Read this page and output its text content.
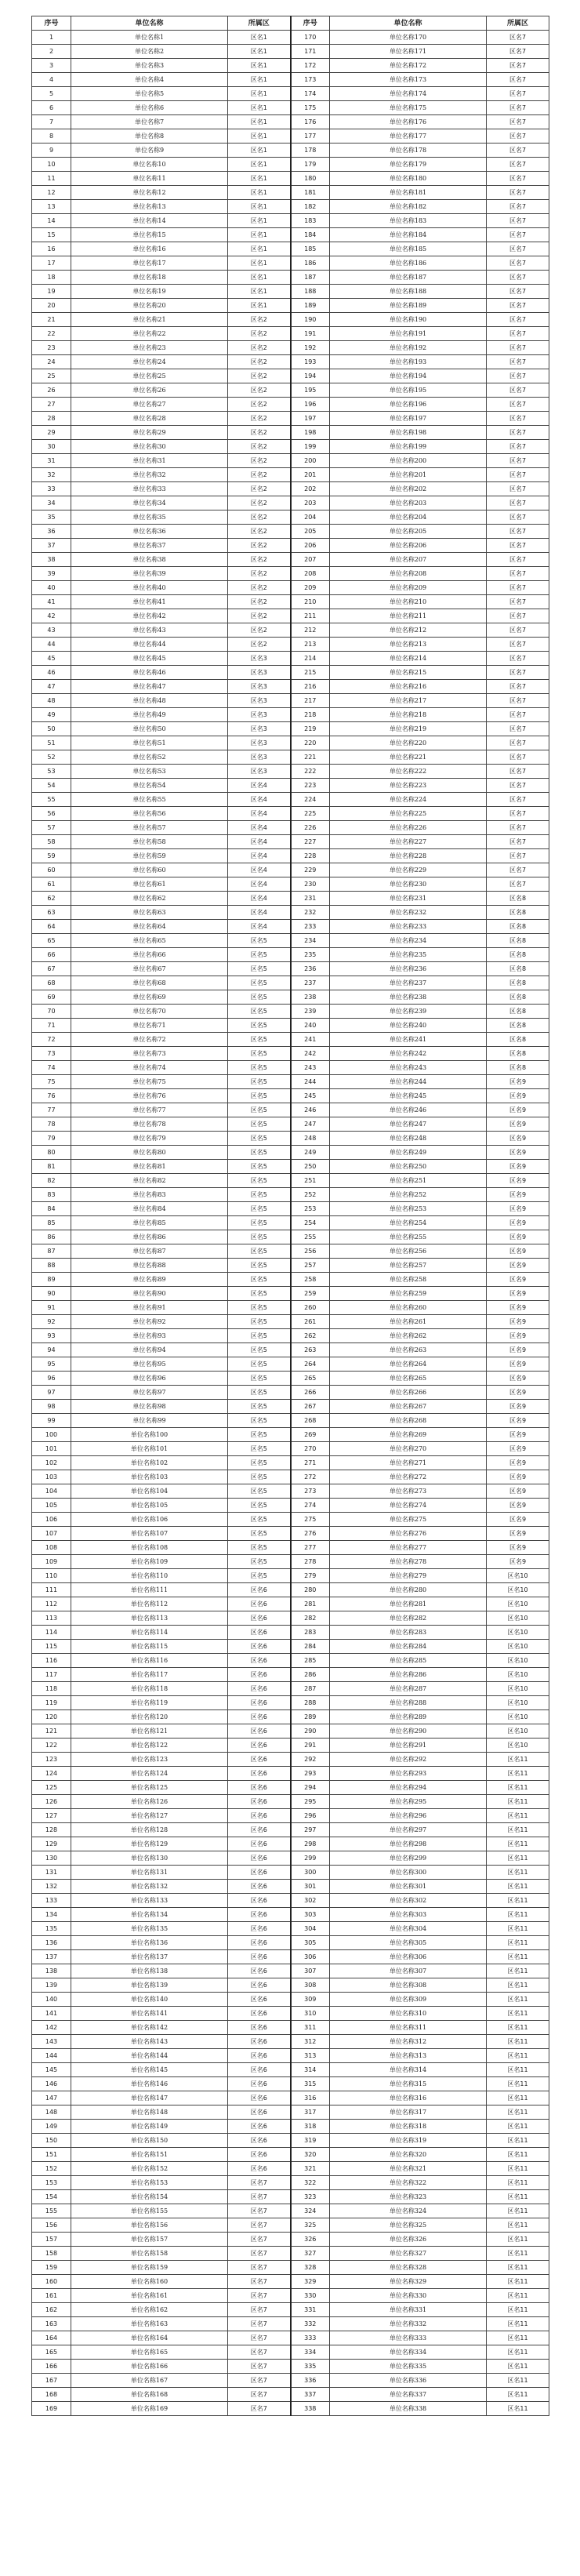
序号	单位名称	所属区	序号	单位名称	所属区
1	单位名称1	区名1	170	单位名称170	区名7
2	单位名称2	区名1	171	单位名称171	区名7
3	单位名称3	区名1	172	单位名称172	区名7
4	单位名称4	区名1	173	单位名称173	区名7
5	单位名称5	区名1	174	单位名称174	区名7
6	单位名称6	区名1	175	单位名称175	区名7
7	单位名称7	区名1	176	单位名称176	区名7
8	单位名称8	区名1	177	单位名称177	区名7
9	单位名称9	区名1	178	单位名称178	区名7
10	单位名称10	区名1	179	单位名称179	区名7
11	单位名称11	区名1	180	单位名称180	区名7
12	单位名称12	区名1	181	单位名称181	区名7
13	单位名称13	区名1	182	单位名称182	区名7
14	单位名称14	区名1	183	单位名称183	区名7
15	单位名称15	区名1	184	单位名称184	区名7
16	单位名称16	区名1	185	单位名称185	区名7
17	单位名称17	区名1	186	单位名称186	区名7
18	单位名称18	区名1	187	单位名称187	区名7
19	单位名称19	区名1	188	单位名称188	区名7
20	单位名称20	区名1	189	单位名称189	区名7
21	单位名称21	区名2	190	单位名称190	区名7
22	单位名称22	区名2	191	单位名称191	区名7
23	单位名称23	区名2	192	单位名称192	区名7
24	单位名称24	区名2	193	单位名称193	区名7
25	单位名称25	区名2	194	单位名称194	区名7
26	单位名称26	区名2	195	单位名称195	区名7
27	单位名称27	区名2	196	单位名称196	区名7
28	单位名称28	区名2	197	单位名称197	区名7
29	单位名称29	区名2	198	单位名称198	区名7
30	单位名称30	区名2	199	单位名称199	区名7
31	单位名称31	区名2	200	单位名称200	区名7
32	单位名称32	区名2	201	单位名称201	区名7
33	单位名称33	区名2	202	单位名称202	区名7
34	单位名称34	区名2	203	单位名称203	区名7
35	单位名称35	区名2	204	单位名称204	区名7
36	单位名称36	区名2	205	单位名称205	区名7
37	单位名称37	区名2	206	单位名称206	区名7
38	单位名称38	区名2	207	单位名称207	区名7
39	单位名称39	区名2	208	单位名称208	区名7
40	单位名称40	区名2	209	单位名称209	区名7
41	单位名称41	区名2	210	单位名称210	区名7
42	单位名称42	区名2	211	单位名称211	区名7
43	单位名称43	区名2	212	单位名称212	区名7
44	单位名称44	区名2	213	单位名称213	区名7
45	单位名称45	区名3	214	单位名称214	区名7
46	单位名称46	区名3	215	单位名称215	区名7
47	单位名称47	区名3	216	单位名称216	区名7
48	单位名称48	区名3	217	单位名称217	区名7
49	单位名称49	区名3	218	单位名称218	区名7
50	单位名称50	区名3	219	单位名称219	区名7
51	单位名称51	区名3	220	单位名称220	区名7
52	单位名称52	区名3	221	单位名称221	区名7
53	单位名称53	区名3	222	单位名称222	区名7
54	单位名称54	区名4	223	单位名称223	区名7
55	单位名称55	区名4	224	单位名称224	区名7
56	单位名称56	区名4	225	单位名称225	区名7
57	单位名称57	区名4	226	单位名称226	区名7
58	单位名称58	区名4	227	单位名称227	区名7
59	单位名称59	区名4	228	单位名称228	区名7
60	单位名称60	区名4	229	单位名称229	区名7
61	单位名称61	区名4	230	单位名称230	区名7
62	单位名称62	区名4	231	单位名称231	区名8
63	单位名称63	区名4	232	单位名称232	区名8
64	单位名称64	区名4	233	单位名称233	区名8
65	单位名称65	区名5	234	单位名称234	区名8
66	单位名称66	区名5	235	单位名称235	区名8
67	单位名称67	区名5	236	单位名称236	区名8
68	单位名称68	区名5	237	单位名称237	区名8
69	单位名称69	区名5	238	单位名称238	区名8
70	单位名称70	区名5	239	单位名称239	区名8
71	单位名称71	区名5	240	单位名称240	区名8
72	单位名称72	区名5	241	单位名称241	区名8
73	单位名称73	区名5	242	单位名称242	区名8
74	单位名称74	区名5	243	单位名称243	区名8
75	单位名称75	区名5	244	单位名称244	区名9
76	单位名称76	区名5	245	单位名称245	区名9
77	单位名称77	区名5	246	单位名称246	区名9
78	单位名称78	区名5	247	单位名称247	区名9
79	单位名称79	区名5	248	单位名称248	区名9
80	单位名称80	区名5	249	单位名称249	区名9
81	单位名称81	区名5	250	单位名称250	区名9
82	单位名称82	区名5	251	单位名称251	区名9
83	单位名称83	区名5	252	单位名称252	区名9
84	单位名称84	区名5	253	单位名称253	区名9
85	单位名称85	区名5	254	单位名称254	区名9
86	单位名称86	区名5	255	单位名称255	区名9
87	单位名称87	区名5	256	单位名称256	区名9
88	单位名称88	区名5	257	单位名称257	区名9
89	单位名称89	区名5	258	单位名称258	区名9
90	单位名称90	区名5	259	单位名称259	区名9
91	单位名称91	区名5	260	单位名称260	区名9
92	单位名称92	区名5	261	单位名称261	区名9
93	单位名称93	区名5	262	单位名称262	区名9
94	单位名称94	区名5	263	单位名称263	区名9
95	单位名称95	区名5	264	单位名称264	区名9
96	单位名称96	区名5	265	单位名称265	区名9
97	单位名称97	区名5	266	单位名称266	区名9
98	单位名称98	区名5	267	单位名称267	区名9
99	单位名称99	区名5	268	单位名称268	区名9
100	单位名称100	区名5	269	单位名称269	区名9
101	单位名称101	区名5	270	单位名称270	区名9
102	单位名称102	区名5	271	单位名称271	区名9
103	单位名称103	区名5	272	单位名称272	区名9
104	单位名称104	区名5	273	单位名称273	区名9
105	单位名称105	区名5	274	单位名称274	区名9
106	单位名称106	区名5	275	单位名称275	区名9
107	单位名称107	区名5	276	单位名称276	区名9
108	单位名称108	区名5	277	单位名称277	区名9
109	单位名称109	区名5	278	单位名称278	区名9
110	单位名称110	区名5	279	单位名称279	区名10
111	单位名称111	区名6	280	单位名称280	区名10
112	单位名称112	区名6	281	单位名称281	区名10
113	单位名称113	区名6	282	单位名称282	区名10
114	单位名称114	区名6	283	单位名称283	区名10
115	单位名称115	区名6	284	单位名称284	区名10
116	单位名称116	区名6	285	单位名称285	区名10
117	单位名称117	区名6	286	单位名称286	区名10
118	单位名称118	区名6	287	单位名称287	区名10
119	单位名称119	区名6	288	单位名称288	区名10
120	单位名称120	区名6	289	单位名称289	区名10
121	单位名称121	区名6	290	单位名称290	区名10
122	单位名称122	区名6	291	单位名称291	区名10
123	单位名称123	区名6	292	单位名称292	区名11
124	单位名称124	区名6	293	单位名称293	区名11
125	单位名称125	区名6	294	单位名称294	区名11
126	单位名称126	区名6	295	单位名称295	区名11
127	单位名称127	区名6	296	单位名称296	区名11
128	单位名称128	区名6	297	单位名称297	区名11
129	单位名称129	区名6	298	单位名称298	区名11
130	单位名称130	区名6	299	单位名称299	区名11
131	单位名称131	区名6	300	单位名称300	区名11
132	单位名称132	区名6	301	单位名称301	区名11
133	单位名称133	区名6	302	单位名称302	区名11
134	单位名称134	区名6	303	单位名称303	区名11
135	单位名称135	区名6	304	单位名称304	区名11
136	单位名称136	区名6	305	单位名称305	区名11
137	单位名称137	区名6	306	单位名称306	区名11
138	单位名称138	区名6	307	单位名称307	区名11
139	单位名称139	区名6	308	单位名称308	区名11
140	单位名称140	区名6	309	单位名称309	区名11
141	单位名称141	区名6	310	单位名称310	区名11
142	单位名称142	区名6	311	单位名称311	区名11
143	单位名称143	区名6	312	单位名称312	区名11
144	单位名称144	区名6	313	单位名称313	区名11
145	单位名称145	区名6	314	单位名称314	区名11
146	单位名称146	区名6	315	单位名称315	区名11
147	单位名称147	区名6	316	单位名称316	区名11
148	单位名称148	区名6	317	单位名称317	区名11
149	单位名称149	区名6	318	单位名称318	区名11
150	单位名称150	区名6	319	单位名称319	区名11
151	单位名称151	区名6	320	单位名称320	区名11
152	单位名称152	区名6	321	单位名称321	区名11
153	单位名称153	区名7	322	单位名称322	区名11
154	单位名称154	区名7	323	单位名称323	区名11
155	单位名称155	区名7	324	单位名称324	区名11
156	单位名称156	区名7	325	单位名称325	区名11
157	单位名称157	区名7	326	单位名称326	区名11
158	单位名称158	区名7	327	单位名称327	区名11
159	单位名称159	区名7	328	单位名称328	区名11
160	单位名称160	区名7	329	单位名称329	区名11
161	单位名称161	区名7	330	单位名称330	区名11
162	单位名称162	区名7	331	单位名称331	区名11
163	单位名称163	区名7	332	单位名称332	区名11
164	单位名称164	区名7	333	单位名称333	区名11
165	单位名称165	区名7	334	单位名称334	区名11
166	单位名称166	区名7	335	单位名称335	区名11
167	单位名称167	区名7	336	单位名称336	区名11
168	单位名称168	区名7	337	单位名称337	区名11
169	单位名称169	区名7	338	单位名称338	区名11
